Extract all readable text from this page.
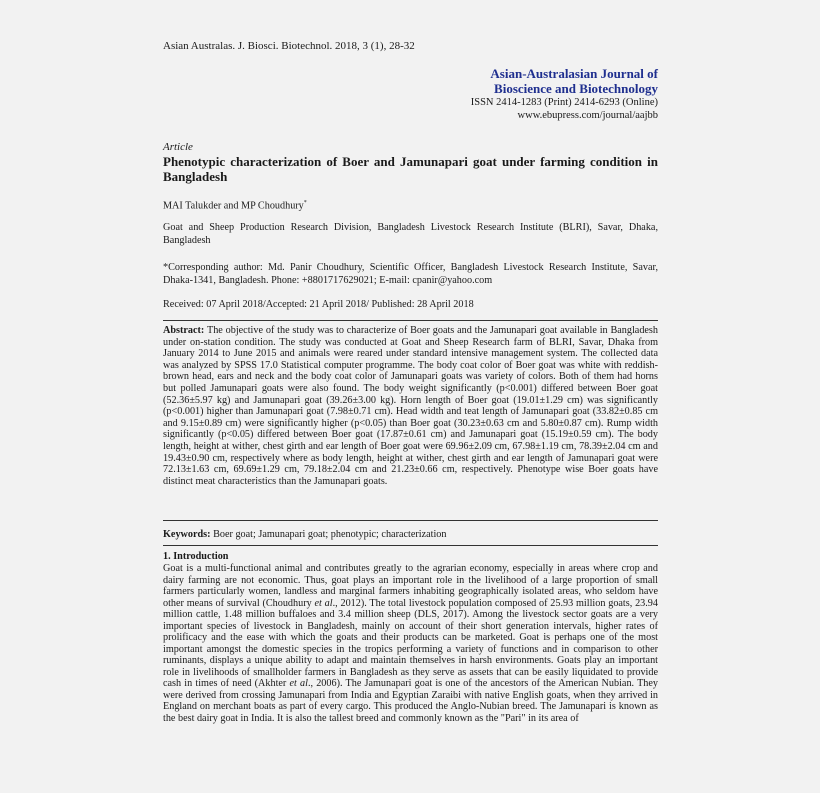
Asian Australas. J. Biosci. Biotechnol. 2018, 3 (1), 28-32
Asian-Australasian Journal of
Bioscience and Biotechnology
ISSN 2414-1283 (Print) 2414-6293 (Online)
www.ebupress.com/journal/aajbb
Article
Phenotypic characterization of Boer and Jamunapari goat under farming condition in Bangladesh
MAI Talukder and MP Choudhury*
Goat and Sheep Production Research Division, Bangladesh Livestock Research Institute (BLRI), Savar, Dhaka, Bangladesh
*Corresponding author: Md. Panir Choudhury, Scientific Officer, Bangladesh Livestock Research Institute, Savar, Dhaka-1341, Bangladesh. Phone: +8801717629021; E-mail: cpanir@yahoo.com
Received: 07 April 2018/Accepted: 21 April 2018/ Published: 28 April 2018
Abstract: The objective of the study was to characterize of Boer goats and the Jamunapari goat available in Bangladesh under on-station condition. The study was conducted at Goat and Sheep Research farm of BLRI, Savar, Dhaka from January 2014 to June 2015 and animals were reared under standard intensive management system. The collected data was analyzed by SPSS 17.0 Statistical computer programme. The body coat color of Boer goat was white with reddish-brown head, ears and neck and the body coat color of Jamunapari goats was variety of colors. Both of them had horns but polled Jamunapari goats were also found. The body weight significantly (p<0.001) differed between Boer goat (52.36±5.97 kg) and Jamunapari goat (39.26±3.00 kg). Horn length of Boer goat (19.01±1.29 cm) was significantly (p<0.001) higher than Jamunapari goat (7.98±0.71 cm). Head width and teat length of Jamunapari goat (33.82±0.85 cm and 9.15±0.89 cm) were significantly higher (p<0.05) than Boer goat (30.23±0.63 cm and 5.80±0.87 cm). Rump width significantly (p<0.05) differed between Boer goat (17.87±0.61 cm) and Jamunapari goat (15.19±0.59 cm). The body length, height at wither, chest girth and ear length of Boer goat were 69.96±2.09 cm, 67.98±1.19 cm, 78.39±2.04 cm and 19.43±0.90 cm, respectively where as body length, height at wither, chest girth and ear length of Jamunapari goat were 72.13±1.63 cm, 69.69±1.29 cm, 79.18±2.04 cm and 21.23±0.66 cm, respectively. Phenotype wise Boer goats have distinct meat characteristics than the Jamunapari goats.
Keywords: Boer goat; Jamunapari goat; phenotypic; characterization
1. Introduction
Goat is a multi-functional animal and contributes greatly to the agrarian economy, especially in areas where crop and dairy farming are not economic. Thus, goat plays an important role in the livelihood of a large proportion of small farmers particularly women, landless and marginal farmers inhabiting geographically isolated areas, who seldom have other means of survival (Choudhury et al., 2012). The total livestock population composed of 25.93 million goats, 23.94 million cattle, 1.48 million buffaloes and 3.4 million sheep (DLS, 2017). Among the livestock sector goats are a very important species of livestock in Bangladesh, mainly on account of their short generation intervals, higher rates of prolificacy and the ease with which the goats and their products can be marketed. Goat is perhaps one of the most important amongst the domestic species in the tropics performing a variety of functions and in comparison to other ruminants, displays a unique ability to adapt and maintain themselves in harsh environments. Goats play an important role in livelihoods of smallholder farmers in Bangladesh as they serve as assets that can be easily liquidated to provide cash in times of need (Akhter et al., 2006). The Jamunapari goat is one of the ancestors of the American Nubian. They were derived from crossing Jamunapari from India and Egyptian Zaraibi with native English goats, when they arrived in England on merchant boats as part of every cargo. This produced the Anglo-Nubian breed. The Jamunapari is known as the best dairy goat in India. It is also the tallest breed and commonly known as the "Pari" in its area of
